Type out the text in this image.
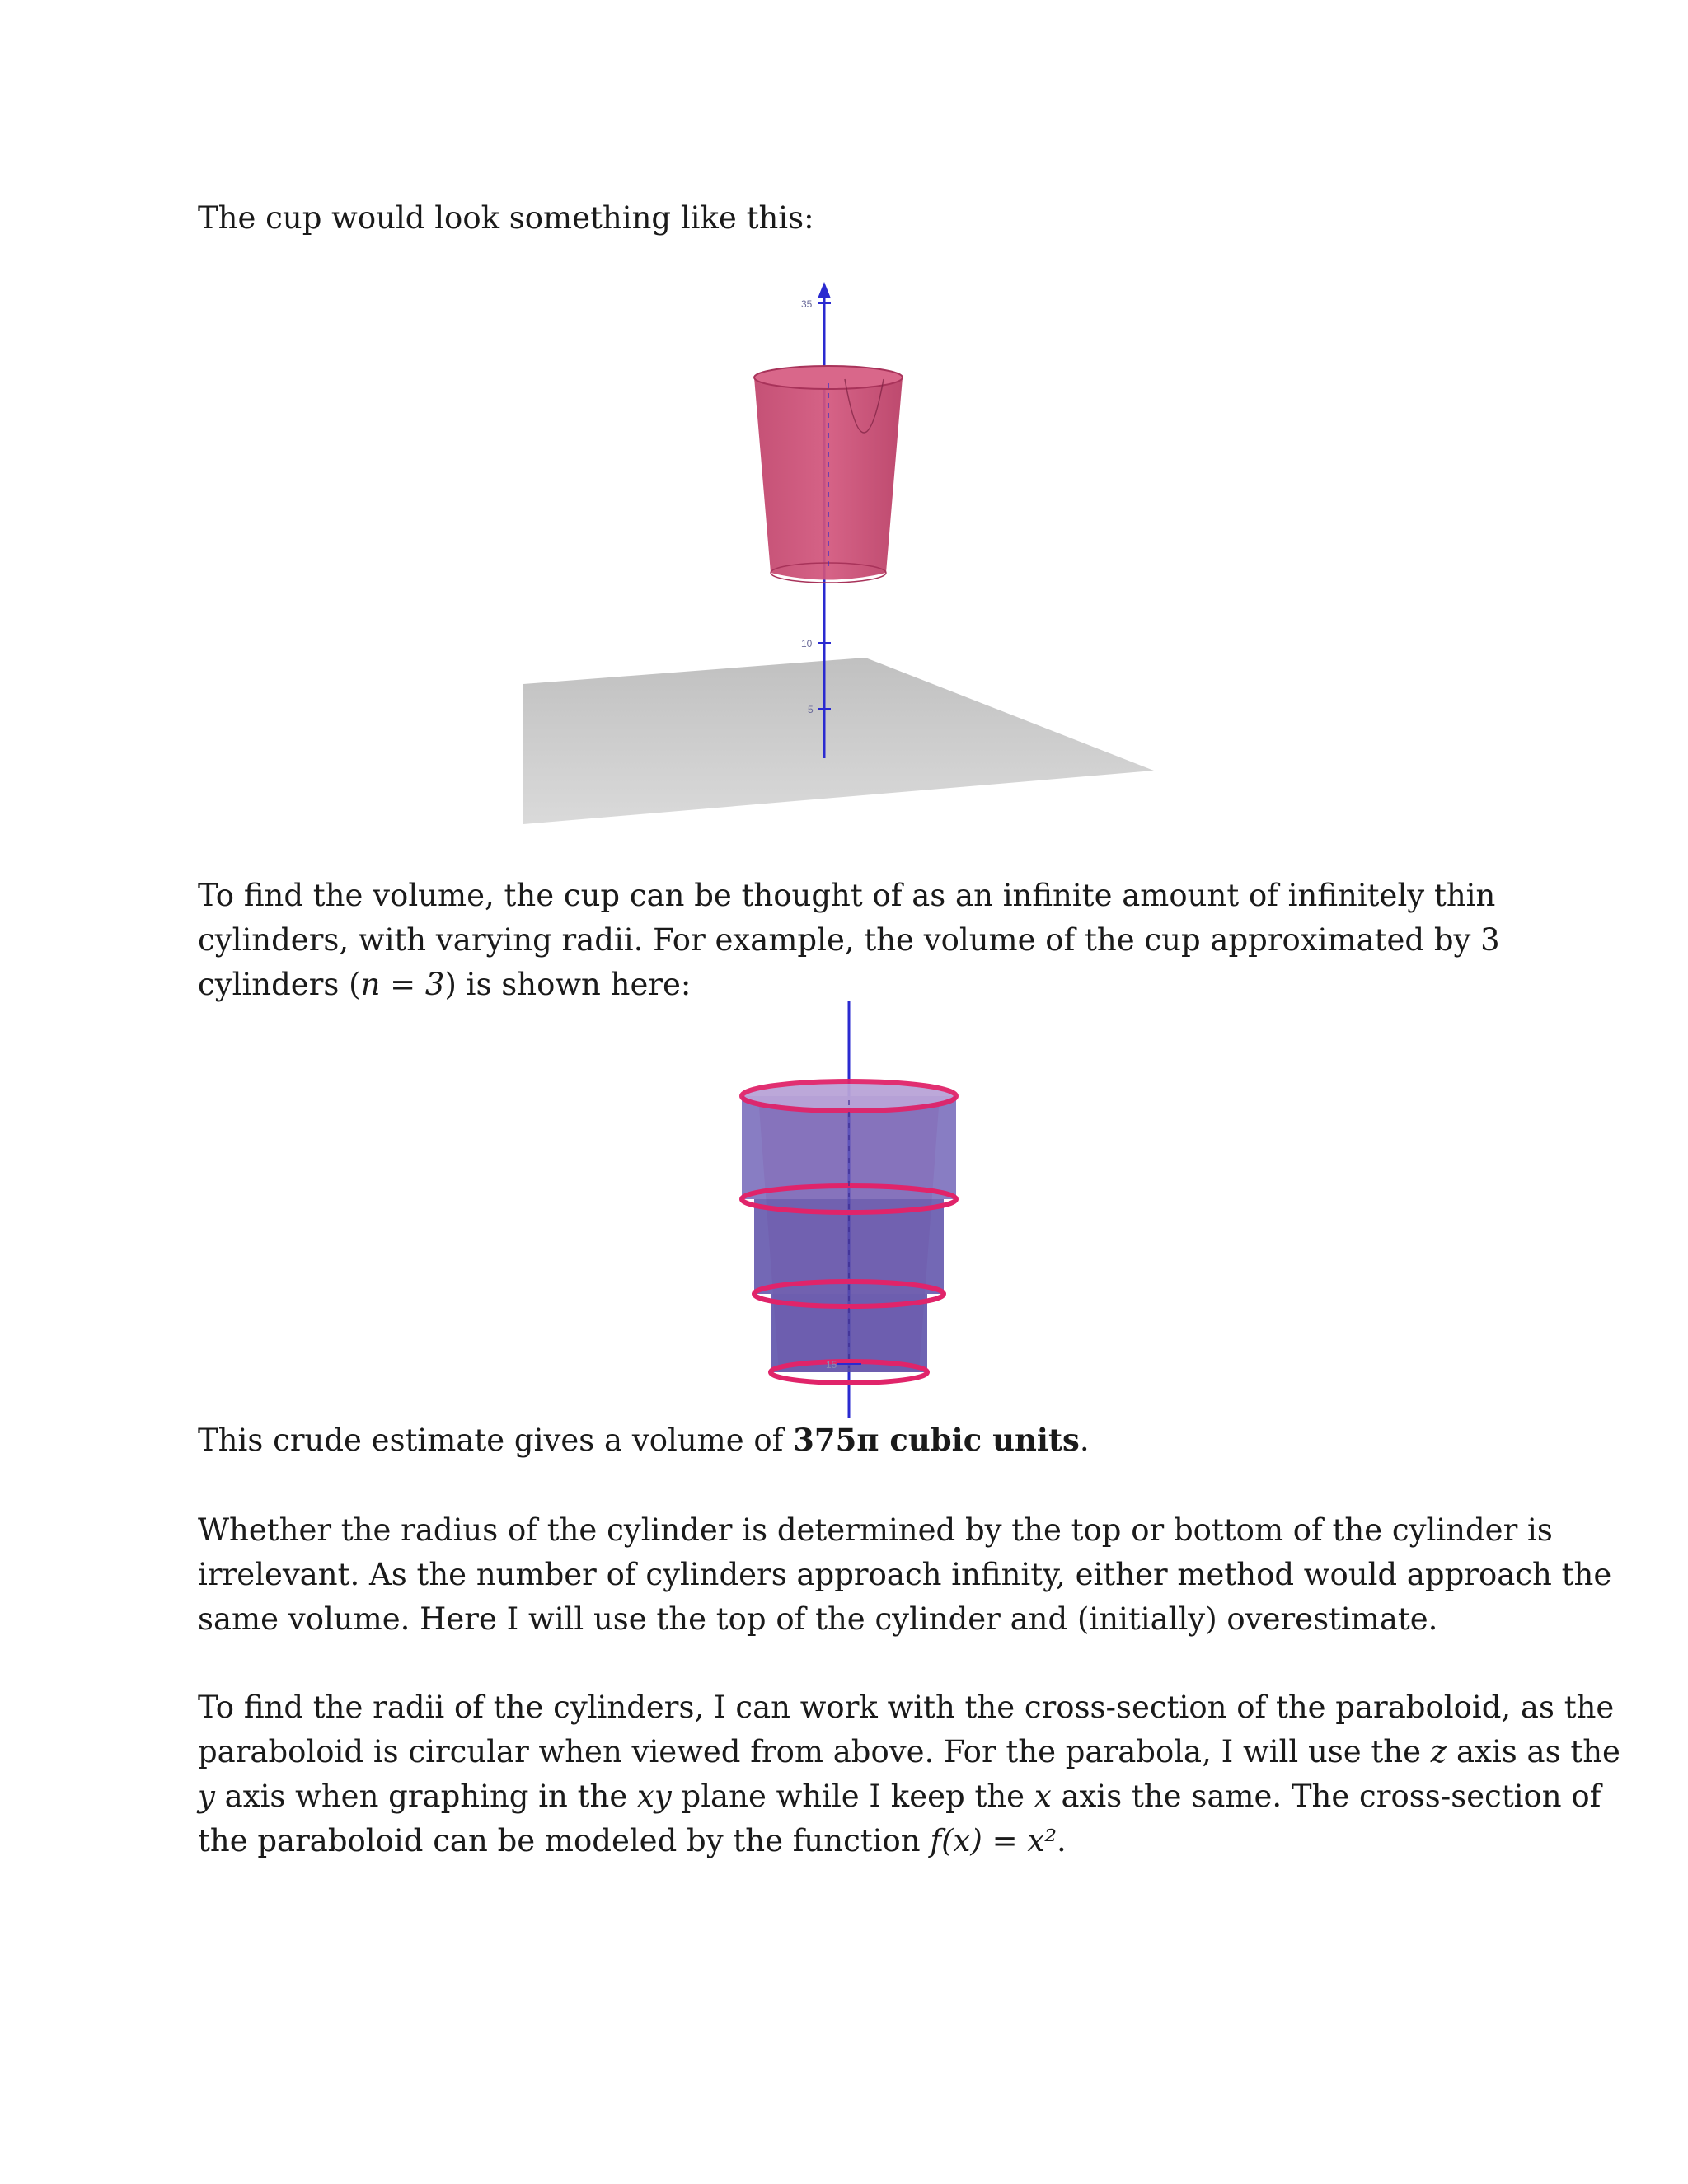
The cup would look something like this:

35
10
5

To find the volume, the cup can be thought of as an infinite amount of infinitely thin
cylinders, with varying radii. For example, the volume of the cup approximated by 3
cylinders (n = 3) is shown here:

15

This crude estimate gives a volume of 375π cubic units.

Whether the radius of the cylinder is determined by the top or bottom of the cylinder is
irrelevant. As the number of cylinders approach infinity, either method would approach the
same volume. Here I will use the top of the cylinder and (initially) overestimate.

To find the radii of the cylinders, I can work with the cross-section of the paraboloid, as the
paraboloid is circular when viewed from above. For the parabola, I will use the z axis as the
y axis when graphing in the xy plane while I keep the x axis the same. The cross-section of
the paraboloid can be modeled by the function f(x) = x².
